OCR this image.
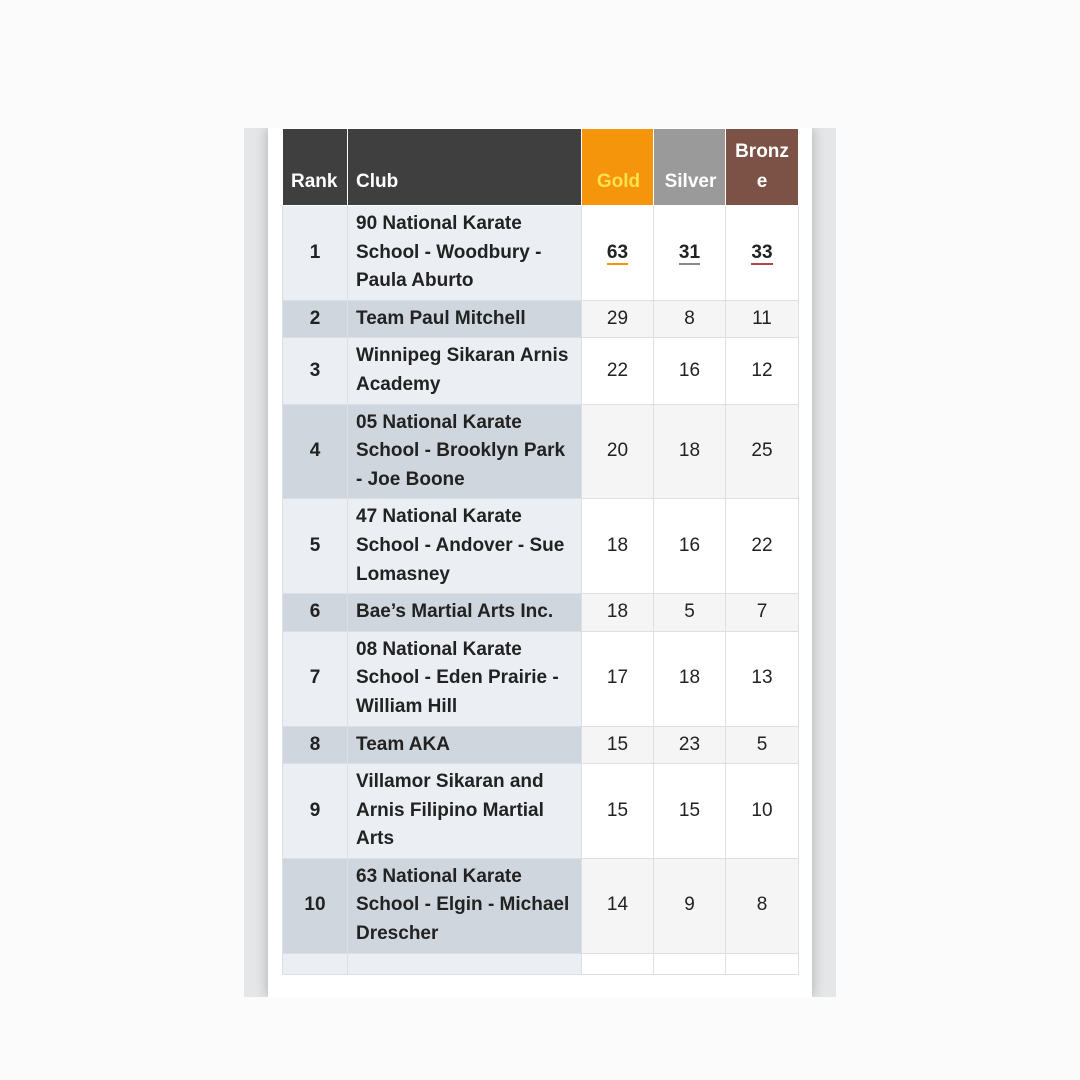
Rank	Club	Gold	Silver	Bronz
e
1	90 National Karate School - Woodbury - Paula Aburto	63	31	33
2	Team Paul Mitchell	29	8	11
3	Winnipeg Sikaran Arnis Academy	22	16	12
4	05 National Karate School - Brooklyn Park - Joe Boone	20	18	25
5	47 National Karate School - Andover - Sue Lomasney	18	16	22
6	Bae’s Martial Arts Inc.	18	5	7
7	08 National Karate School - Eden Prairie - William Hill	17	18	13
8	Team AKA	15	23	5
9	Villamor Sikaran and Arnis Filipino Martial Arts	15	15	10
10	63 National Karate School - Elgin - Michael Drescher	14	9	8
